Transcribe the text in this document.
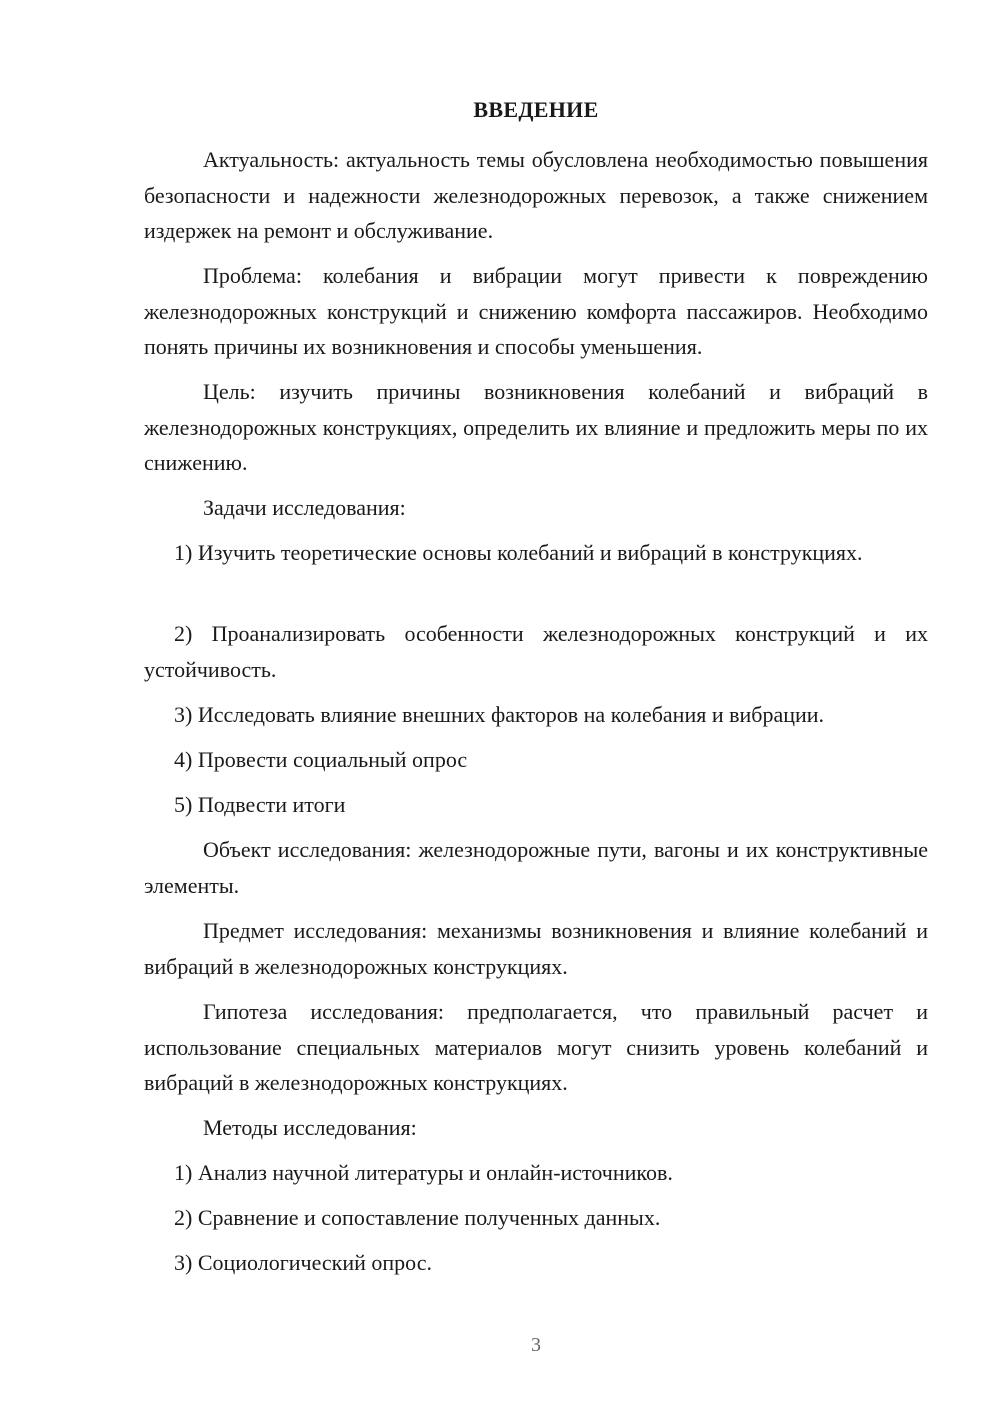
ВВЕДЕНИЕ
Актуальность: актуальность темы обусловлена необходимостью повышения безопасности и надежности железнодорожных перевозок, а также снижением издержек на ремонт и обслуживание.
Проблема: колебания и вибрации могут привести к повреждению железнодорожных конструкций и снижению комфорта пассажиров. Необходимо понять причины их возникновения и способы уменьшения.
Цель: изучить причины возникновения колебаний и вибраций в железнодорожных конструкциях, определить их влияние и предложить меры по их снижению.
Задачи исследования:
1) Изучить теоретические основы колебаний и вибраций в конструкциях.
2) Проанализировать особенности железнодорожных конструкций и их устойчивость.
3) Исследовать влияние внешних факторов на колебания и вибрации.
4) Провести социальный опрос
5) Подвести итоги
Объект исследования: железнодорожные пути, вагоны и их конструктивные элементы.
Предмет исследования: механизмы возникновения и влияние колебаний и вибраций в железнодорожных конструкциях.
Гипотеза исследования: предполагается, что правильный расчет и использование специальных материалов могут снизить уровень колебаний и вибраций в железнодорожных конструкциях.
Методы исследования:
1) Анализ научной литературы и онлайн-источников.
2) Сравнение и сопоставление полученных данных.
3) Социологический опрос.
3
